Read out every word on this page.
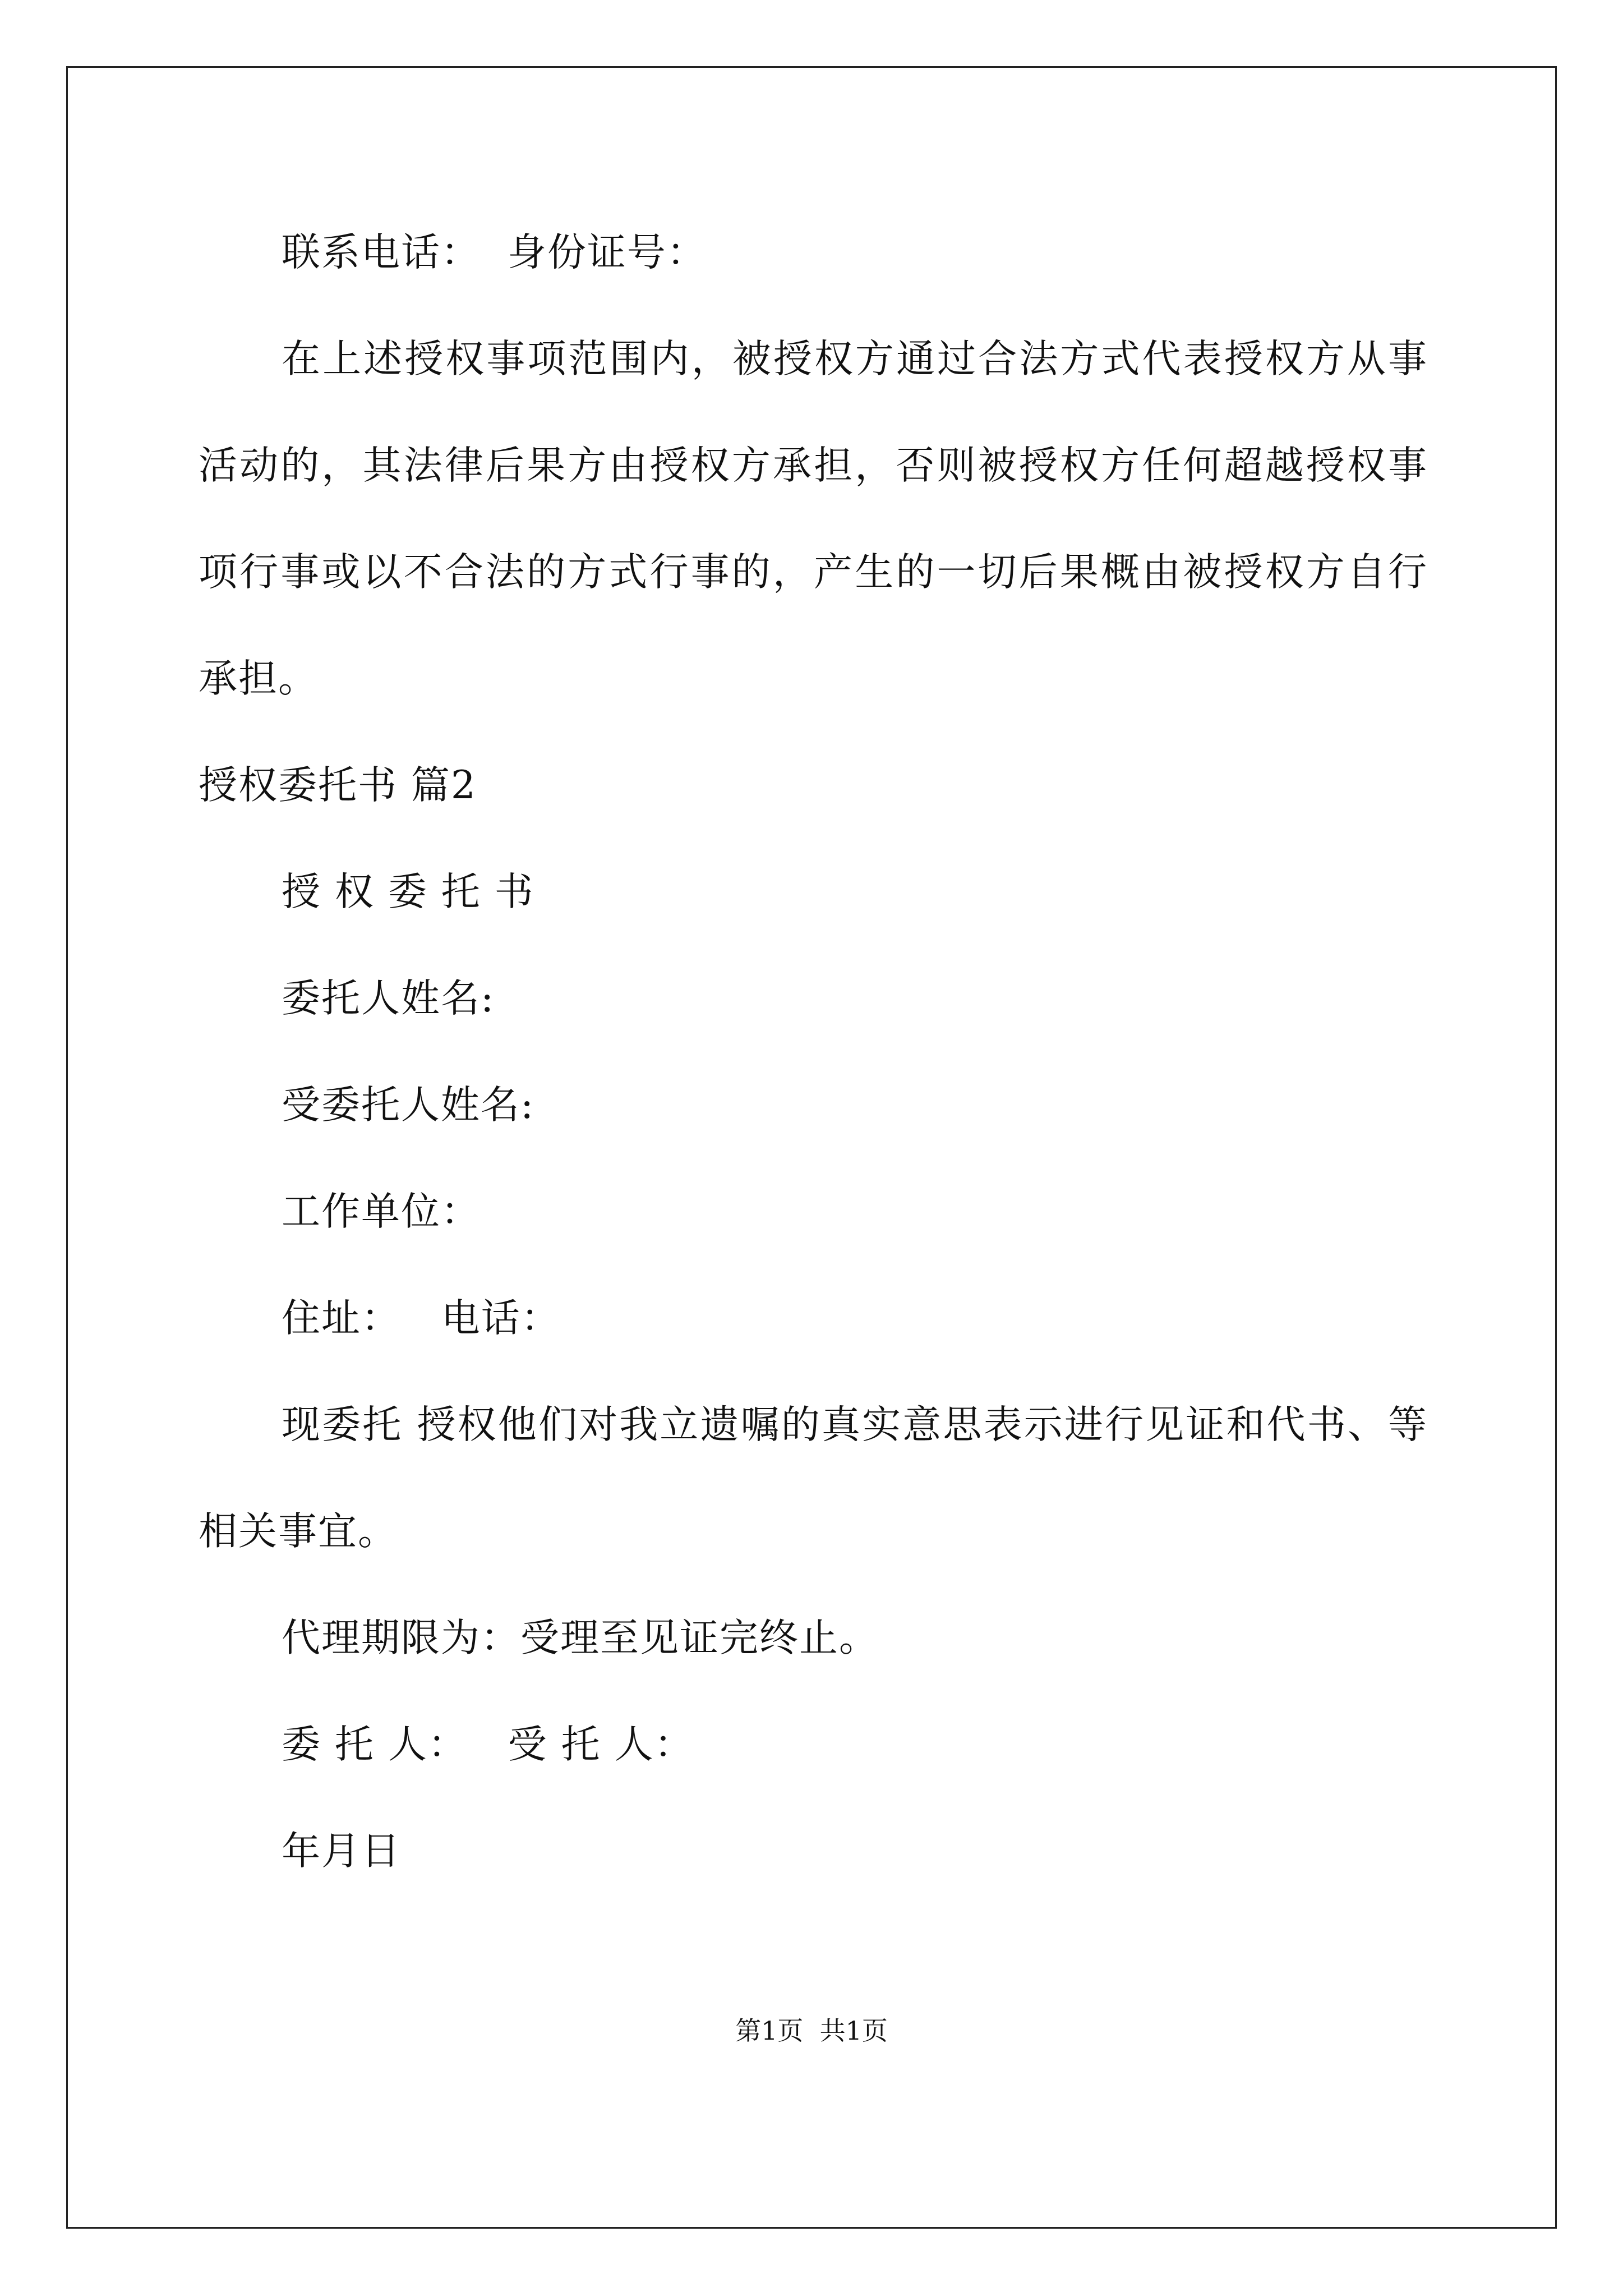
联系电话：  身份证号：
在上述授权事项范围内，被授权方通过合法方式代表授权方从事
活动的，其法律后果方由授权方承担，否则被授权方任何超越授权事
项行事或以不合法的方式行事的，产生的一切后果概由被授权方自行
承担。
授权委托书 篇2
授 权 委 托 书
委托人姓名:
受委托人姓名:
工作单位：
住址：   电话：
现委托 授权他们对我立遗嘱的真实意思表示进行见证和代书、等
相关事宜。
代理期限为：受理至见证完终止。
委 托 人：   受 托 人：
年月日
第1页  共1页
